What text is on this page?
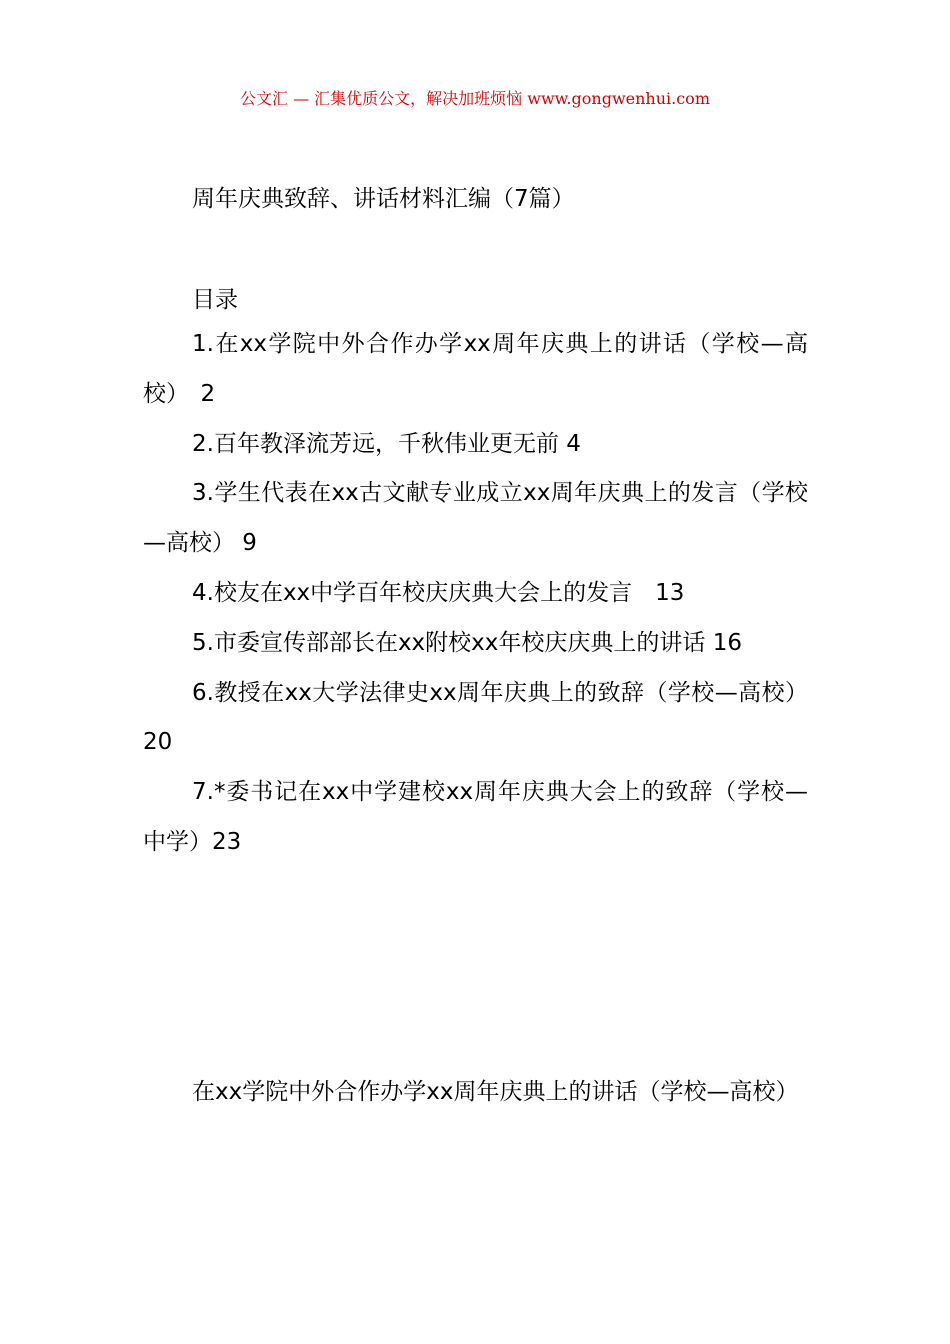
公文汇 — 汇集优质公文，解决加班烦恼 www.gongwenhui.com
周年庆典致辞、讲话材料汇编（7篇）
目录
1.在xx学院中外合作办学xx周年庆典上的讲话（学校—高校）　2
2.百年教泽流芳远，千秋伟业更无前 4
3.学生代表在xx古文献专业成立xx周年庆典上的发言（学校—高校） 9
4.校友在xx中学百年校庆庆典大会上的发言　13
5.市委宣传部部长在xx附校xx年校庆庆典上的讲话 16
6.教授在xx大学法律史xx周年庆典上的致辞（学校—高校） 20
7.*委书记在xx中学建校xx周年庆典大会上的致辞（学校—中学）23

在xx学院中外合作办学xx周年庆典上的讲话（学校—高校）
